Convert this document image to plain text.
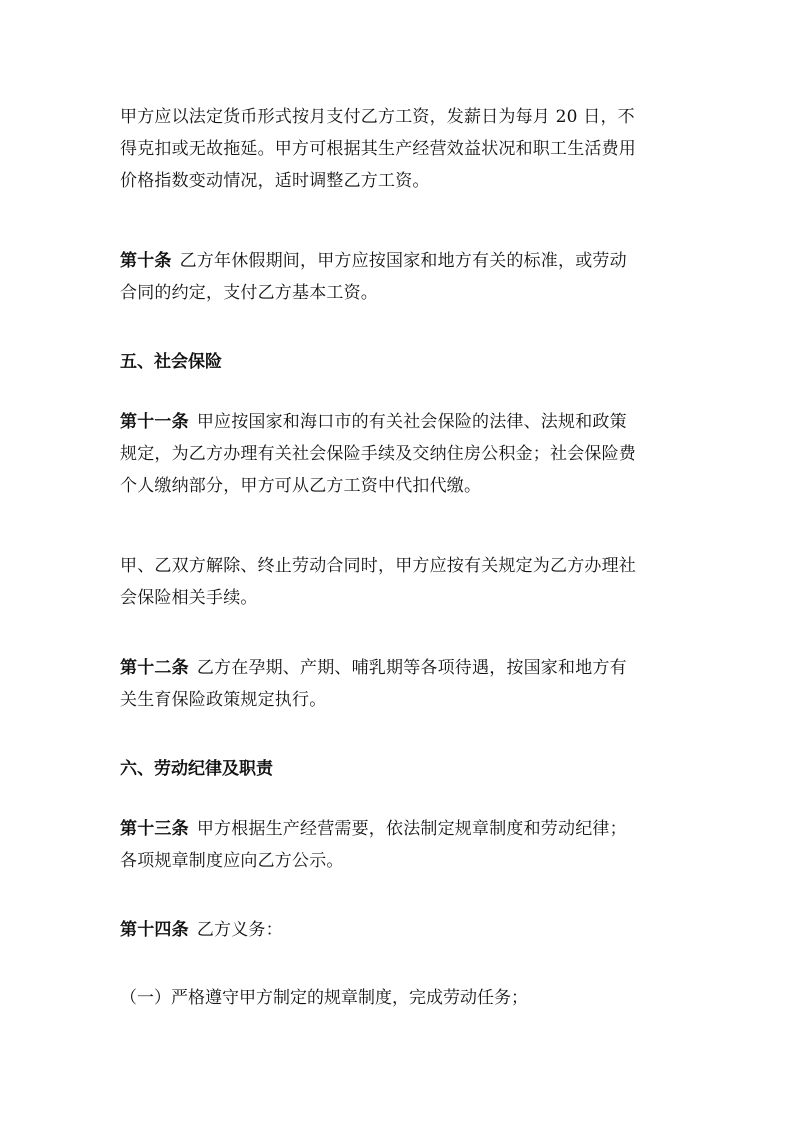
甲方应以法定货币形式按月支付乙方工资，发薪日为每月 20 日，不
得克扣或无故拖延。甲方可根据其生产经营效益状况和职工生活费用
价格指数变动情况，适时调整乙方工资。

第十条 乙方年休假期间，甲方应按国家和地方有关的标准，或劳动
合同的约定，支付乙方基本工资。

五、社会保险

第十一条 甲应按国家和海口市的有关社会保险的法律、法规和政策
规定，为乙方办理有关社会保险手续及交纳住房公积金；社会保险费
个人缴纳部分，甲方可从乙方工资中代扣代缴。

甲、乙双方解除、终止劳动合同时，甲方应按有关规定为乙方办理社
会保险相关手续。

第十二条 乙方在孕期、产期、哺乳期等各项待遇，按国家和地方有
关生育保险政策规定执行。

六、劳动纪律及职责

第十三条 甲方根据生产经营需要，依法制定规章制度和劳动纪律；
各项规章制度应向乙方公示。

第十四条 乙方义务：

（一）严格遵守甲方制定的规章制度，完成劳动任务；
